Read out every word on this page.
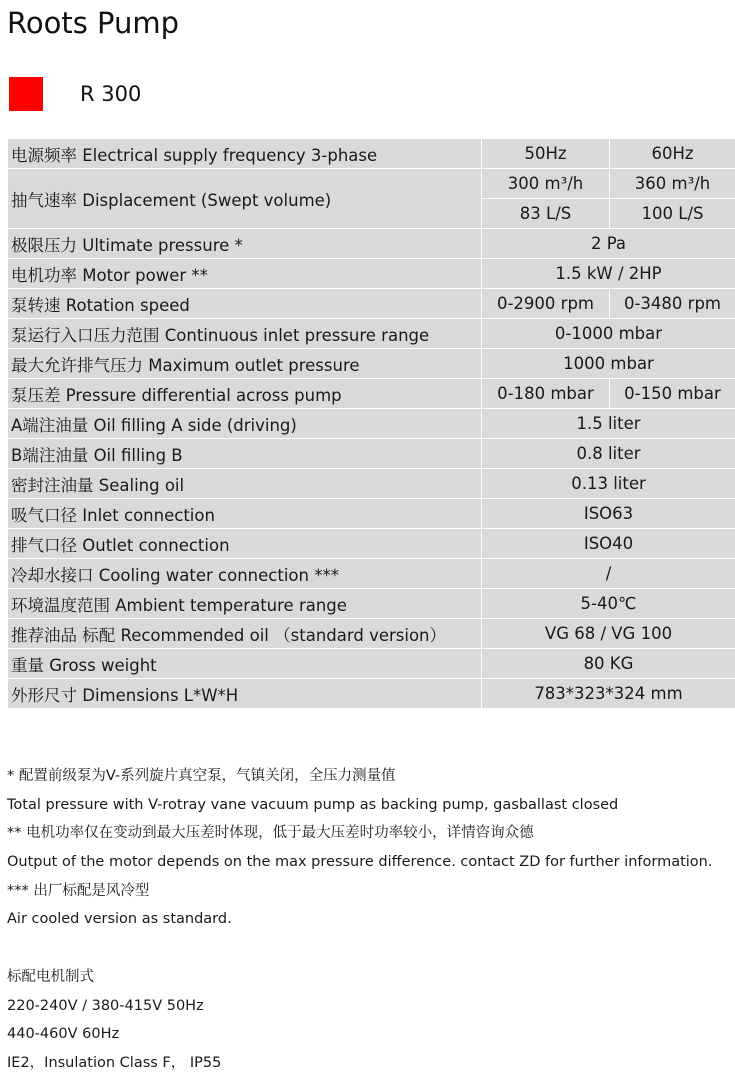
Roots Pump
R 300
电源频率 Electrical supply frequency 3-phase	50Hz	60Hz
抽气速率 Displacement (Swept volume)	300 m³/h	360 m³/h
	83 L/S	100 L/S
极限压力 Ultimate pressure *	2 Pa	
电机功率 Motor power **	1.5 kW / 2HP	
泵转速 Rotation speed	0-2900 rpm	0-3480 rpm
泵运行入口压力范围 Continuous inlet pressure range	0-1000 mbar	
最大允许排气压力 Maximum outlet pressure	1000 mbar	
泵压差 Pressure differential across pump	0-180 mbar	0-150 mbar
A端注油量 Oil filling A side (driving)	1.5 liter	
B端注油量 Oil filling B	0.8 liter	
密封注油量 Sealing oil	0.13 liter	
吸气口径 Inlet connection	ISO63	
排气口径 Outlet connection	ISO40	
冷却水接口 Cooling water connection ***	/	
环境温度范围 Ambient temperature range	5-40℃	
推荐油品 标配 Recommended oil （standard version）	VG 68 / VG 100	
重量 Gross weight	80 KG	
外形尺寸 Dimensions L*W*H	783*323*324 mm	
* 配置前级泵为V-系列旋片真空泵，气镇关闭，全压力测量值
Total pressure with V-rotray vane vacuum pump as backing pump, gasballast closed
** 电机功率仅在变动到最大压差时体现，低于最大压差时功率较小，详情咨询众德
Output of the motor depends on the max pressure difference. contact ZD for further information.
*** 出厂标配是风冷型
Air cooled version as standard.
标配电机制式
220-240V / 380-415V 50Hz
440-460V 60Hz
IE2，Insulation Class F， IP55
